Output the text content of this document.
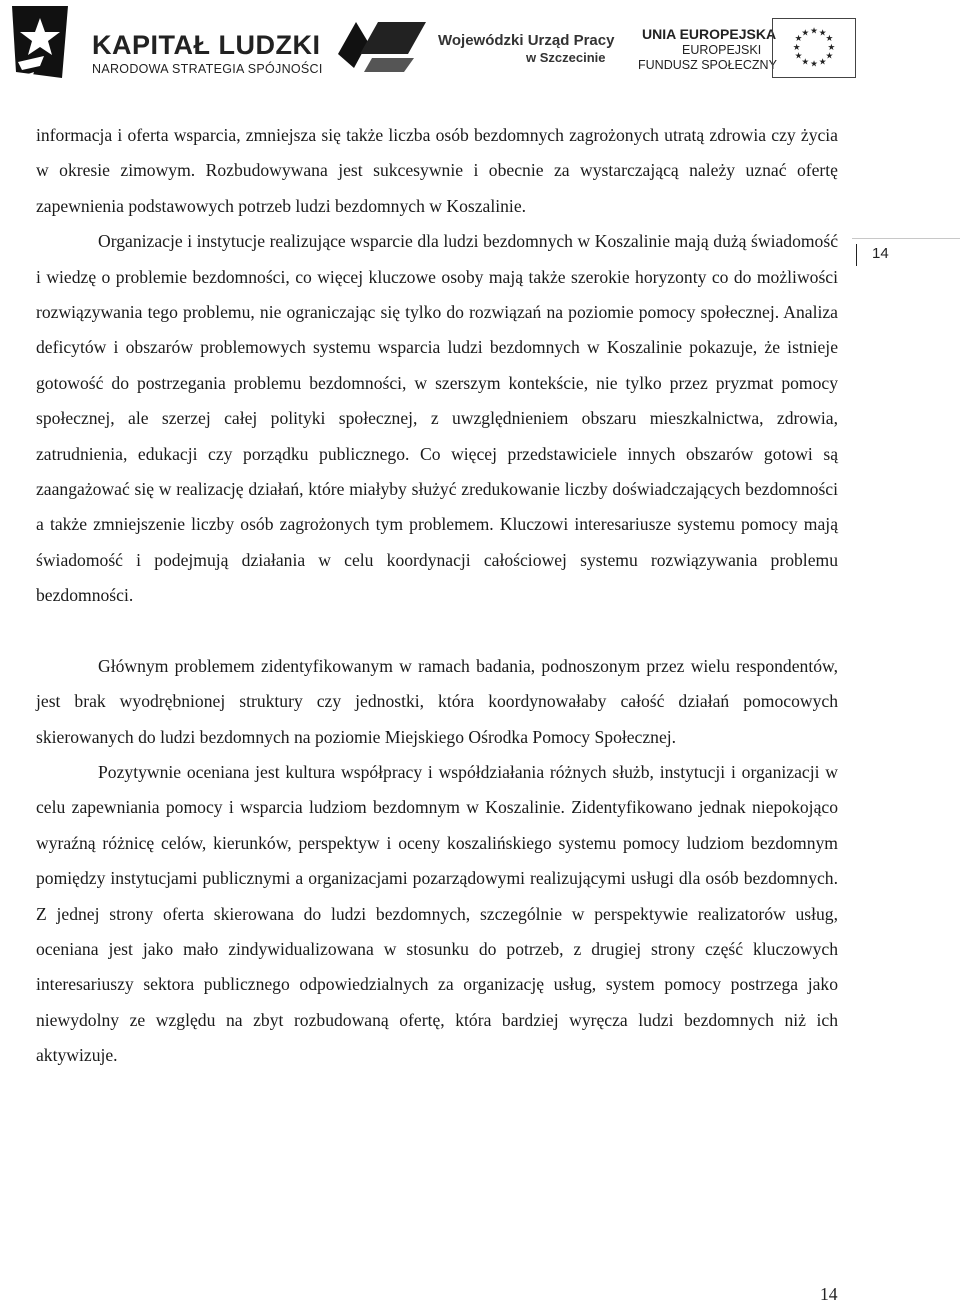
KAPITAŁ LUDZKI
NARODOWA STRATEGIA SPÓJNOŚCI
Wojewódzki Urząd Pracy
w Szczecinie
UNIA EUROPEJSKA
EUROPEJSKI
FUNDUSZ SPOŁECZNY
★ ★
★
★
★
★
★
★
★
★
★
★
14

informacja i oferta wsparcia, zmniejsza się także liczba osób bezdomnych zagrożonych utratą zdrowia czy życia w okresie zimowym. Rozbudowywana jest sukcesywnie i obecnie za wystarczającą należy uznać ofertę zapewnienia podstawowych potrzeb ludzi bezdomnych w Koszalinie.

Organizacje i instytucje realizujące wsparcie dla ludzi bezdomnych w Koszalinie mają dużą świadomość i wiedzę o problemie bezdomności, co więcej kluczowe osoby mają także szerokie horyzonty co do możliwości rozwiązywania tego problemu, nie ograniczając się tylko do rozwiązań na poziomie pomocy społecznej. Analiza deficytów i obszarów problemowych systemu wsparcia ludzi bezdomnych w Koszalinie pokazuje, że istnieje gotowość do postrzegania problemu bezdomności, w szerszym kontekście, nie tylko przez pryzmat pomocy społecznej, ale szerzej całej polityki społecznej, z uwzględnieniem obszaru mieszkalnictwa, zdrowia, zatrudnienia, edukacji czy porządku publicznego. Co więcej przedstawiciele innych obszarów gotowi są zaangażować się w realizację działań, które miałyby służyć zredukowanie liczby doświadczających bezdomności a także zmniejszenie liczby osób zagrożonych tym problemem. Kluczowi interesariusze systemu pomocy mają świadomość i podejmują działania w celu koordynacji całościowej systemu rozwiązywania problemu bezdomności.

Głównym problemem zidentyfikowanym w ramach badania, podnoszonym przez wielu respondentów, jest brak wyodrębnionej struktury czy jednostki, która koordynowałaby całość działań pomocowych skierowanych do ludzi bezdomnych na poziomie Miejskiego Ośrodka Pomocy Społecznej.

Pozytywnie oceniana jest kultura współpracy i współdziałania różnych służb, instytucji i organizacji w celu zapewniania pomocy i wsparcia ludziom bezdomnym w Koszalinie. Zidentyfikowano jednak niepokojąco wyraźną różnicę celów, kierunków, perspektyw i oceny koszalińskiego systemu pomocy ludziom bezdomnym pomiędzy instytucjami publicznymi a organizacjami pozarządowymi realizującymi usługi dla osób bezdomnych. Z jednej strony oferta skierowana do ludzi bezdomnych, szczególnie w perspektywie realizatorów usług, oceniana jest jako mało zindywidualizowana w stosunku do potrzeb, z drugiej strony część kluczowych interesariuszy sektora publicznego odpowiedzialnych za organizację usług, system pomocy postrzega jako niewydolny ze względu na zbyt rozbudowaną ofertę, która bardziej wyręcza ludzi bezdomnych niż ich aktywizuje.

14
